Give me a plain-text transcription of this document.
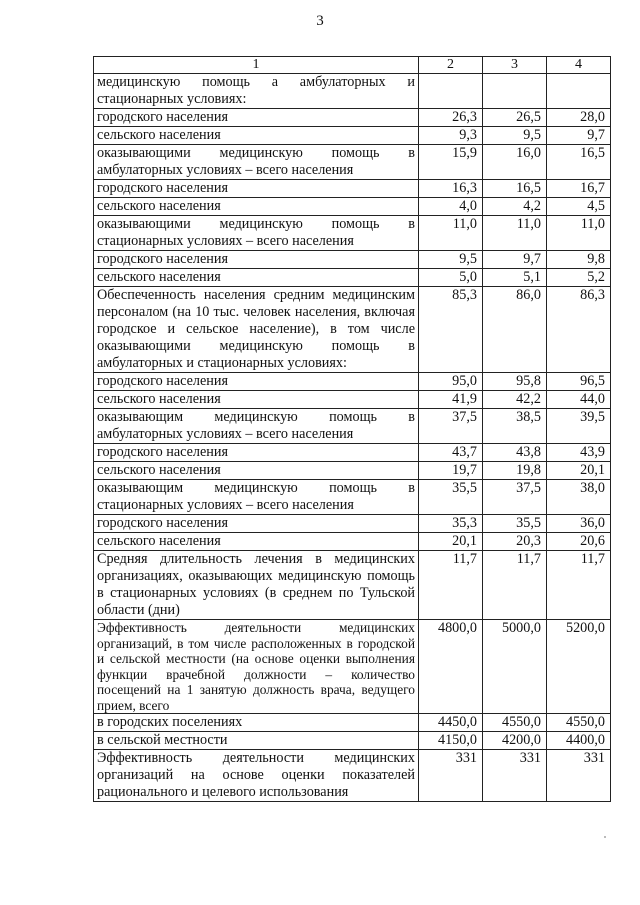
3
1	2	3	4
медицинскую помощь а амбулаторных и стационарных условиях:			
городского населения	26,3	26,5	28,0
сельского населения	9,3	9,5	9,7
оказывающими медицинскую помощь в амбулаторных условиях – всего населения	15,9	16,0	16,5
городского населения	16,3	16,5	16,7
сельского населения	4,0	4,2	4,5
оказывающими медицинскую помощь в стационарных условиях – всего населения	11,0	11,0	11,0
городского населения	9,5	9,7	9,8
сельского населения	5,0	5,1	5,2
Обеспеченность населения средним медицинским персоналом (на 10 тыс. человек населения, включая городское и сельское население), в том числе оказывающими медицинскую помощь в амбулаторных и стационарных условиях:	85,3	86,0	86,3
городского населения	95,0	95,8	96,5
сельского населения	41,9	42,2	44,0
оказывающим медицинскую помощь в амбулаторных условиях – всего населения	37,5	38,5	39,5
городского населения	43,7	43,8	43,9
сельского населения	19,7	19,8	20,1
оказывающим медицинскую помощь в стационарных условиях – всего населения	35,5	37,5	38,0
городского населения	35,3	35,5	36,0
сельского населения	20,1	20,3	20,6
Средняя длительность лечения в медицинских организациях, оказывающих медицинскую помощь в стационарных условиях (в среднем по Тульской области (дни)	11,7	11,7	11,7
Эффективность деятельности медицинских организаций, в том числе расположенных в городской и сельской местности (на основе оценки выполнения функции врачебной должности – количество посещений на 1 занятую должность врача, ведущего прием, всего	4800,0	5000,0	5200,0
в городских поселениях	4450,0	4550,0	4550,0
в сельской местности	4150,0	4200,0	4400,0
Эффективность деятельности медицинских организаций на основе оценки показателей рационального и целевого использования	331	331	331
